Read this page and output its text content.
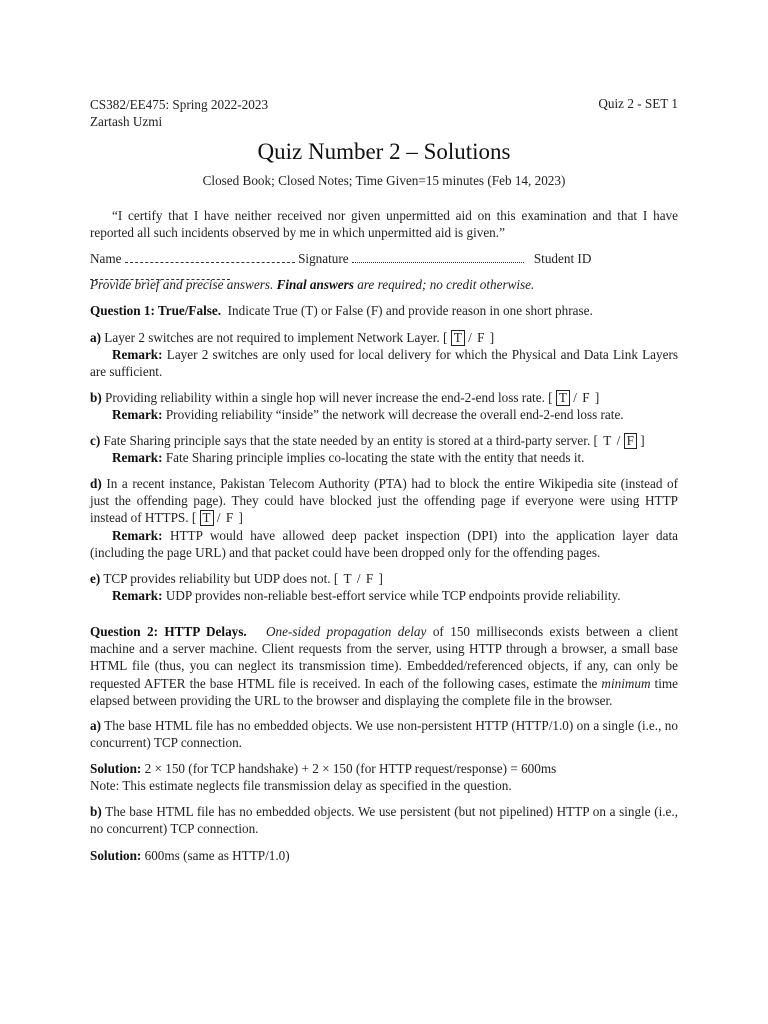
CS382/EE475: Spring 2022-2023
Zartash Uzmi
Quiz 2 - SET 1
Quiz Number 2 – Solutions
Closed Book; Closed Notes; Time Given=15 minutes (Feb 14, 2023)
“I certify that I have neither received nor given unpermitted aid on this examination and that I have reported all such incidents observed by me in which unpermitted aid is given.”
Name	Signature	Student ID
Provide brief and precise answers. Final answers are required; no credit otherwise.
Question 1: True/False. Indicate True (T) or False (F) and provide reason in one short phrase.
a) Layer 2 switches are not required to implement Network Layer. [ T / F ]
Remark: Layer 2 switches are only used for local delivery for which the Physical and Data Link Layers are sufficient.
b) Providing reliability within a single hop will never increase the end-2-end loss rate. [ T / F ]
Remark: Providing reliability “inside” the network will decrease the overall end-2-end loss rate.
c) Fate Sharing principle says that the state needed by an entity is stored at a third-party server. [ T / F ]
Remark: Fate Sharing principle implies co-locating the state with the entity that needs it.
d) In a recent instance, Pakistan Telecom Authority (PTA) had to block the entire Wikipedia site (instead of just the offending page). They could have blocked just the offending page if everyone were using HTTP instead of HTTPS. [ T / F ]
Remark: HTTP would have allowed deep packet inspection (DPI) into the application layer data (including the page URL) and that packet could have been dropped only for the offending pages.
e) TCP provides reliability but UDP does not. [ T / F ]
Remark: UDP provides non-reliable best-effort service while TCP endpoints provide reliability.
Question 2: HTTP Delays. One-sided propagation delay of 150 milliseconds exists between a client machine and a server machine. Client requests from the server, using HTTP through a browser, a small base HTML file (thus, you can neglect its transmission time). Embedded/referenced objects, if any, can only be requested AFTER the base HTML file is received. In each of the following cases, estimate the minimum time elapsed between providing the URL to the browser and displaying the complete file in the browser.
a) The base HTML file has no embedded objects. We use non-persistent HTTP (HTTP/1.0) on a single (i.e., no concurrent) TCP connection.
Solution: 2 × 150 (for TCP handshake) + 2 × 150 (for HTTP request/response) = 600ms
Note: This estimate neglects file transmission delay as specified in the question.
b) The base HTML file has no embedded objects. We use persistent (but not pipelined) HTTP on a single (i.e., no concurrent) TCP connection.
Solution: 600ms (same as HTTP/1.0)
